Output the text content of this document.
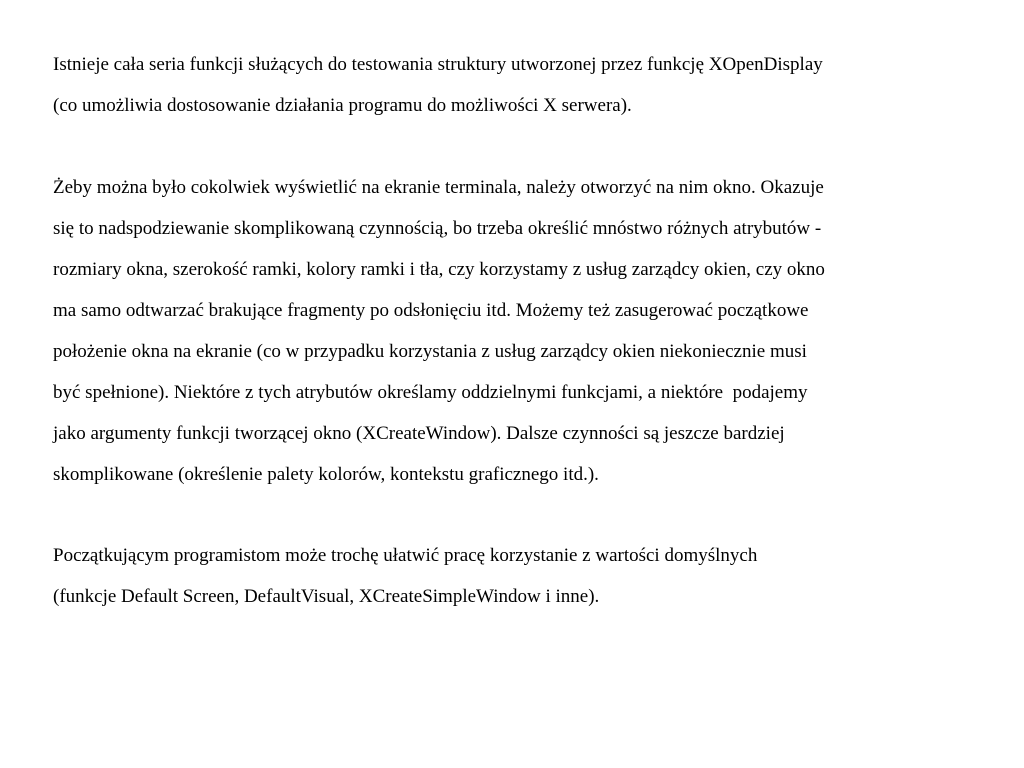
Istnieje cała seria funkcji służących do testowania struktury utworzonej przez funkcję XOpenDisplay
(co umożliwia dostosowanie działania programu do możliwości X serwera).

Żeby można było cokolwiek wyświetlić na ekranie terminala, należy otworzyć na nim okno. Okazuje
się to nadspodziewanie skomplikowaną czynnością, bo trzeba określić mnóstwo różnych atrybutów -
rozmiary okna, szerokość ramki, kolory ramki i tła, czy korzystamy z usług zarządcy okien, czy okno
ma samo odtwarzać brakujące fragmenty po odsłonięciu itd. Możemy też zasugerować początkowe
położenie okna na ekranie (co w przypadku korzystania z usług zarządcy okien niekoniecznie musi
być spełnione). Niektóre z tych atrybutów określamy oddzielnymi funkcjami, a niektóre  podajemy
jako argumenty funkcji tworzącej okno (XCreateWindow). Dalsze czynności są jeszcze bardziej
skomplikowane (określenie palety kolorów, kontekstu graficznego itd.).

Początkującym programistom może trochę ułatwić pracę korzystanie z wartości domyślnych
(funkcje Default Screen, DefaultVisual, XCreateSimpleWindow i inne).
